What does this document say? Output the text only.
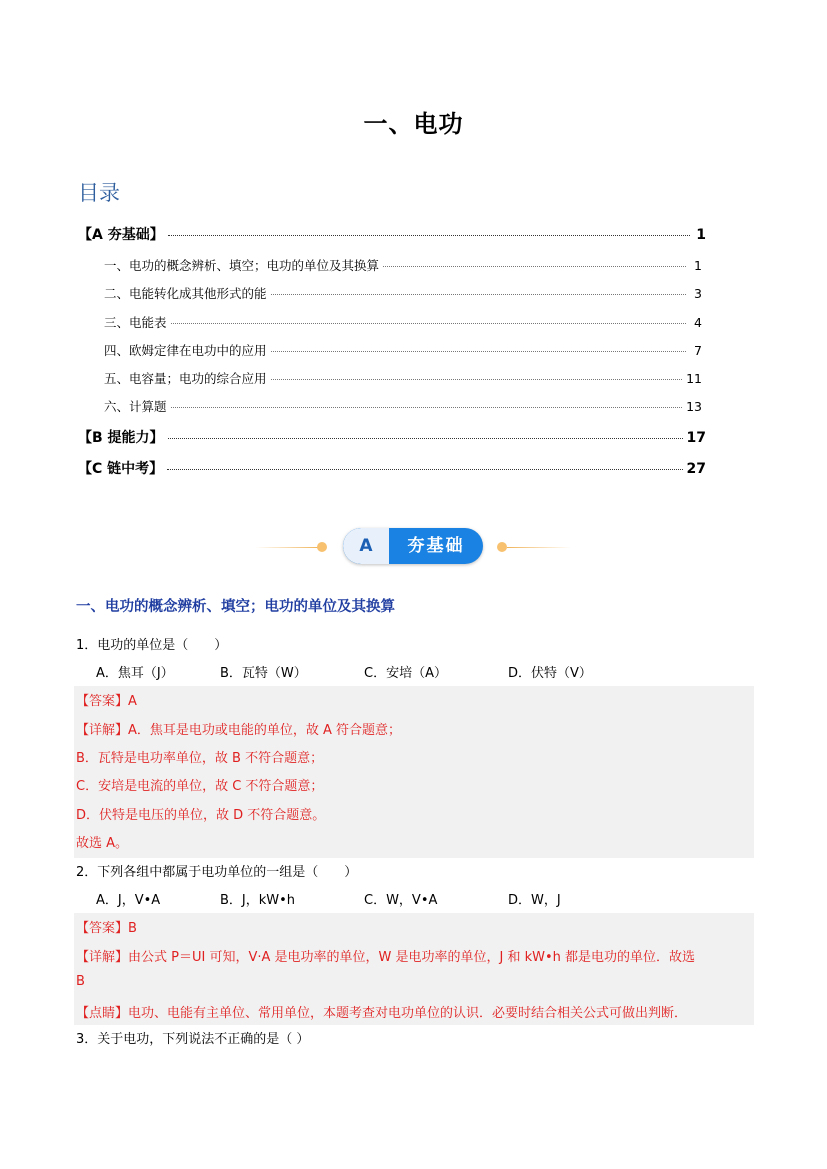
一、电功
目录
【A 夯基础】	1
一、电功的概念辨析、填空；电功的单位及其换算	1
二、电能转化成其他形式的能	3
三、电能表	4
四、欧姆定律在电功中的应用	7
五、电容量；电功的综合应用	11
六、计算题	13
【B 提能力】	17
【C 链中考】	27
A	夯基础
一、电功的概念辨析、填空；电功的单位及其换算
1．电功的单位是（　　）
A．焦耳（J）	B．瓦特（W）	C．安培（A）	D．伏特（V）
【答案】A
【详解】A．焦耳是电功或电能的单位，故 A 符合题意；
B．瓦特是电功率单位，故 B 不符合题意；
C．安培是电流的单位，故 C 不符合题意；
D．伏特是电压的单位，故 D 不符合题意。
故选 A。
2．下列各组中都属于电功单位的一组是（　　）
A．J，V•A	B．J，kW•h	C．W，V•A	D．W，J
【答案】B
【详解】由公式 P＝UI 可知，V·A 是电功率的单位，W 是电功率的单位，J 和 kW•h 都是电功的单位．故选
B
【点睛】电功、电能有主单位、常用单位，本题考查对电功单位的认识．必要时结合相关公式可做出判断．
3．关于电功，下列说法不正确的是（ ）
